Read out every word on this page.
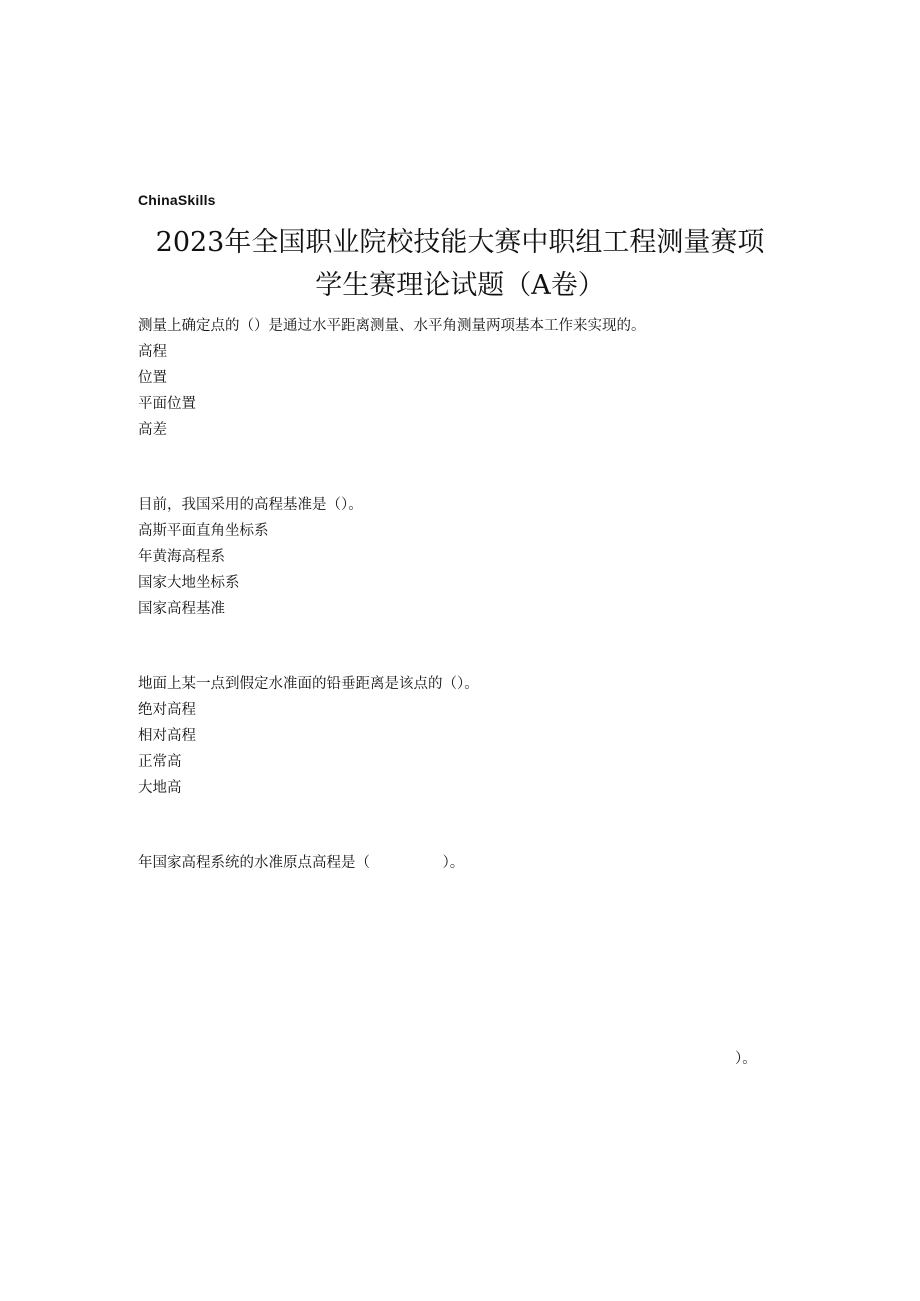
ChinaSkills
2023年全国职业院校技能大赛中职组工程测量赛项
学生赛理论试题（A卷）
测量上确定点的（）是通过水平距离测量、水平角测量两项基本工作来实现的。
高程
位置
平面位置
高差
目前，我国采用的高程基准是（）。
高斯平面直角坐标系
年黄海高程系
国家大地坐标系
国家高程基准
地面上某一点到假定水准面的铅垂距离是该点的（）。
绝对高程
相对高程
正常高
大地高
年国家高程系统的水准原点高程是（　　　　　）。
）。
